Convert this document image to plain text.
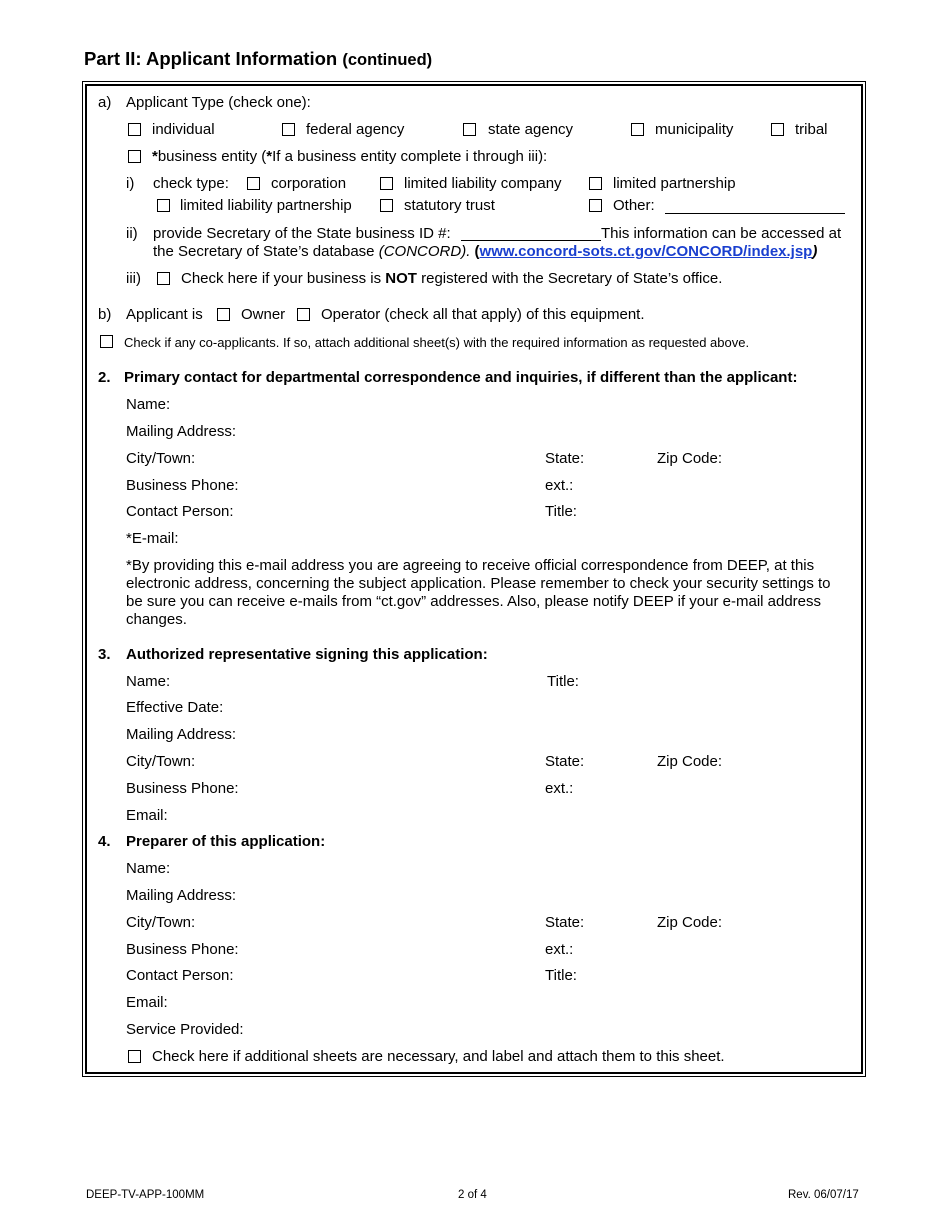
Part II: Applicant Information (continued)
a) Applicant Type (check one):
individual	federal agency	state agency	municipality	tribal
*business entity (*If a business entity complete i through iii):
i) check type:	corporation	limited liability company	limited partnership
limited liability partnership	statutory trust	Other:
ii) provide Secretary of the State business ID #:	This information can be accessed at
the Secretary of State’s database (CONCORD). (www.concord-sots.ct.gov/CONCORD/index.jsp)
iii)	Check here if your business is NOT registered with the Secretary of State’s office.
b) Applicant is	Owner Operator (check all that apply) of this equipment.
Check if any co-applicants. If so, attach additional sheet(s) with the required information as requested above.
2. Primary contact for departmental correspondence and inquiries, if different than the applicant:
Name:
Mailing Address:
City/Town:	State:	Zip Code:
Business Phone:	ext.:
Contact Person:	Title:
*E-mail:
*By providing this e-mail address you are agreeing to receive official correspondence from DEEP, at this electronic address, concerning the subject application. Please remember to check your security settings to be sure you can receive e-mails from “ct.gov” addresses. Also, please notify DEEP if your e-mail address changes.
3. Authorized representative signing this application:
Name:	Title:
Effective Date:
Mailing Address:
City/Town:	State:	Zip Code:
Business Phone:	ext.:
Email:
4. Preparer of this application:
Name:
Mailing Address:
City/Town:	State:	Zip Code:
Business Phone:	ext.:
Contact Person:	Title:
Email:
Service Provided:
Check here if additional sheets are necessary, and label and attach them to this sheet.
DEEP-TV-APP-100MM	2 of 4	Rev. 06/07/17
